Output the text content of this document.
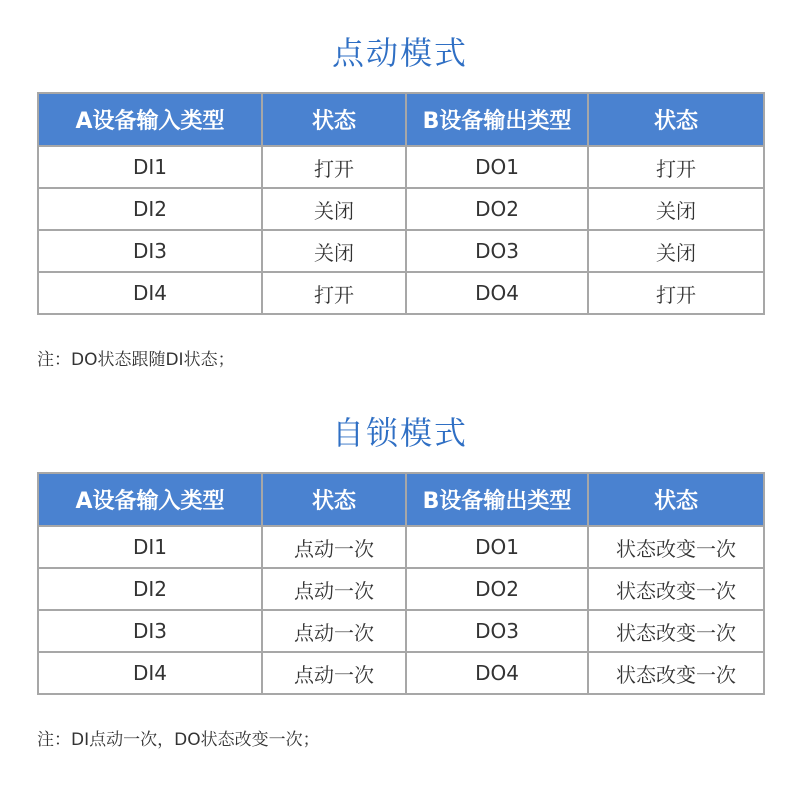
点动模式
A设备输入类型	状态	B设备输出类型	状态
DI1	打开	DO1	打开
DI2	关闭	DO2	关闭
DI3	关闭	DO3	关闭
DI4	打开	DO4	打开
注：DO状态跟随DI状态；
自锁模式
A设备输入类型	状态	B设备输出类型	状态
DI1	点动一次	DO1	状态改变一次
DI2	点动一次	DO2	状态改变一次
DI3	点动一次	DO3	状态改变一次
DI4	点动一次	DO4	状态改变一次
注：DI点动一次，DO状态改变一次；
